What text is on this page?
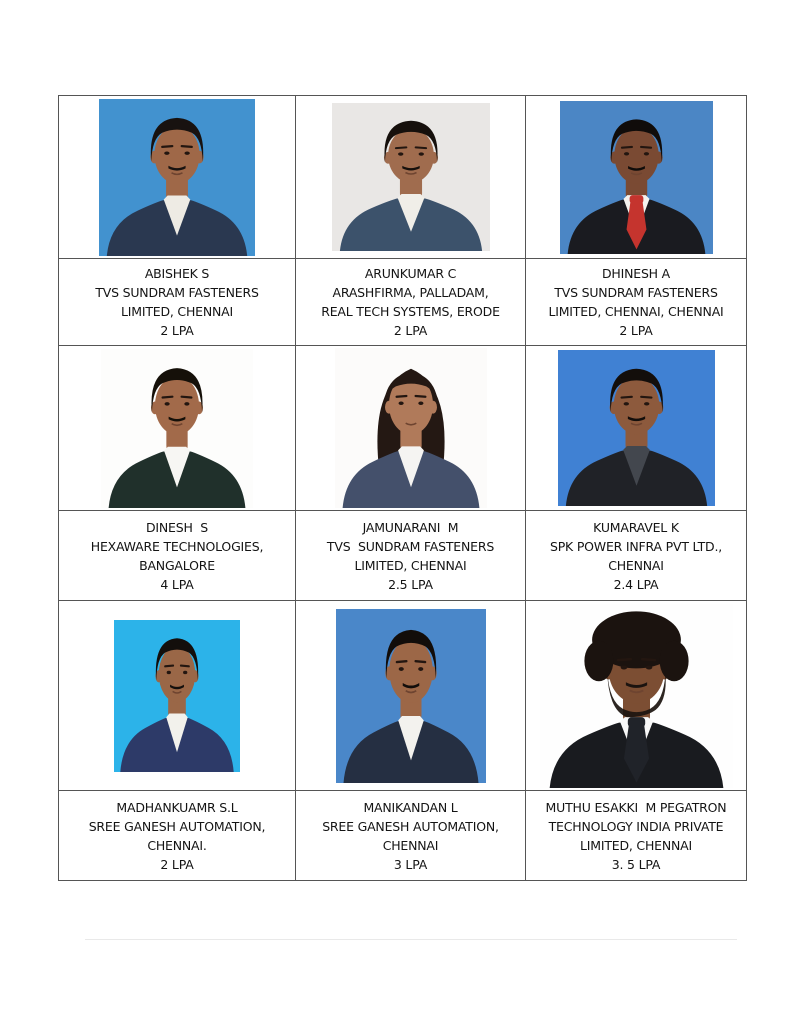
ABISHEK S
TVS SUNDRAM FASTENERS
LIMITED, CHENNAI
2 LPA
ARUNKUMAR C
ARASHFIRMA, PALLADAM,
REAL TECH SYSTEMS, ERODE
2 LPA
DHINESH A
TVS SUNDRAM FASTENERS
LIMITED, CHENNAI, CHENNAI
2 LPA
DINESH  S
HEXAWARE TECHNOLOGIES,
BANGALORE
4 LPA
JAMUNARANI  M
TVS  SUNDRAM FASTENERS
LIMITED, CHENNAI
2.5 LPA
KUMARAVEL K
SPK POWER INFRA PVT LTD.,
CHENNAI
2.4 LPA
MADHANKUAMR S.L
SREE GANESH AUTOMATION,
CHENNAI.
2 LPA
MANIKANDAN L
SREE GANESH AUTOMATION,
CHENNAI
3 LPA
MUTHU ESAKKI  M PEGATRON
TECHNOLOGY INDIA PRIVATE
LIMITED, CHENNAI
3. 5 LPA
